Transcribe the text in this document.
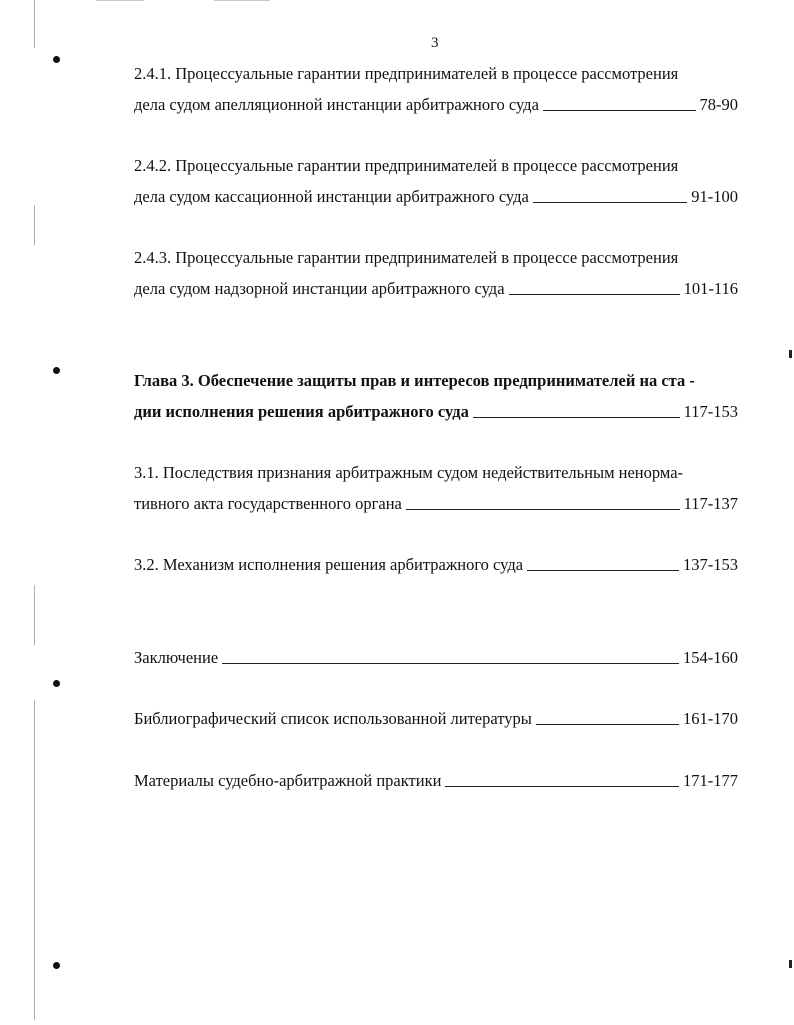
3
2.4.1. Процессуальные гарантии предпринимателей в процессе рассмотрения
дела судом апелляционной инстанции арбитражного суда	78-90
2.4.2. Процессуальные гарантии предпринимателей в процессе рассмотрения
дела судом кассационной инстанции арбитражного суда	91-100
2.4.3. Процессуальные гарантии предпринимателей в процессе рассмотрения
дела судом надзорной инстанции арбитражного суда	101-116
Глава 3. Обеспечение защиты прав и интересов предпринимателей на ста -
дии исполнения решения арбитражного суда	117-153
3.1. Последствия признания арбитражным судом недействительным ненорма-
тивного акта государственного органа	117-137
3.2. Механизм исполнения решения арбитражного суда	137-153
Заключение	154-160
Библиографический список использованной литературы	161-170
Материалы судебно-арбитражной практики	171-177
